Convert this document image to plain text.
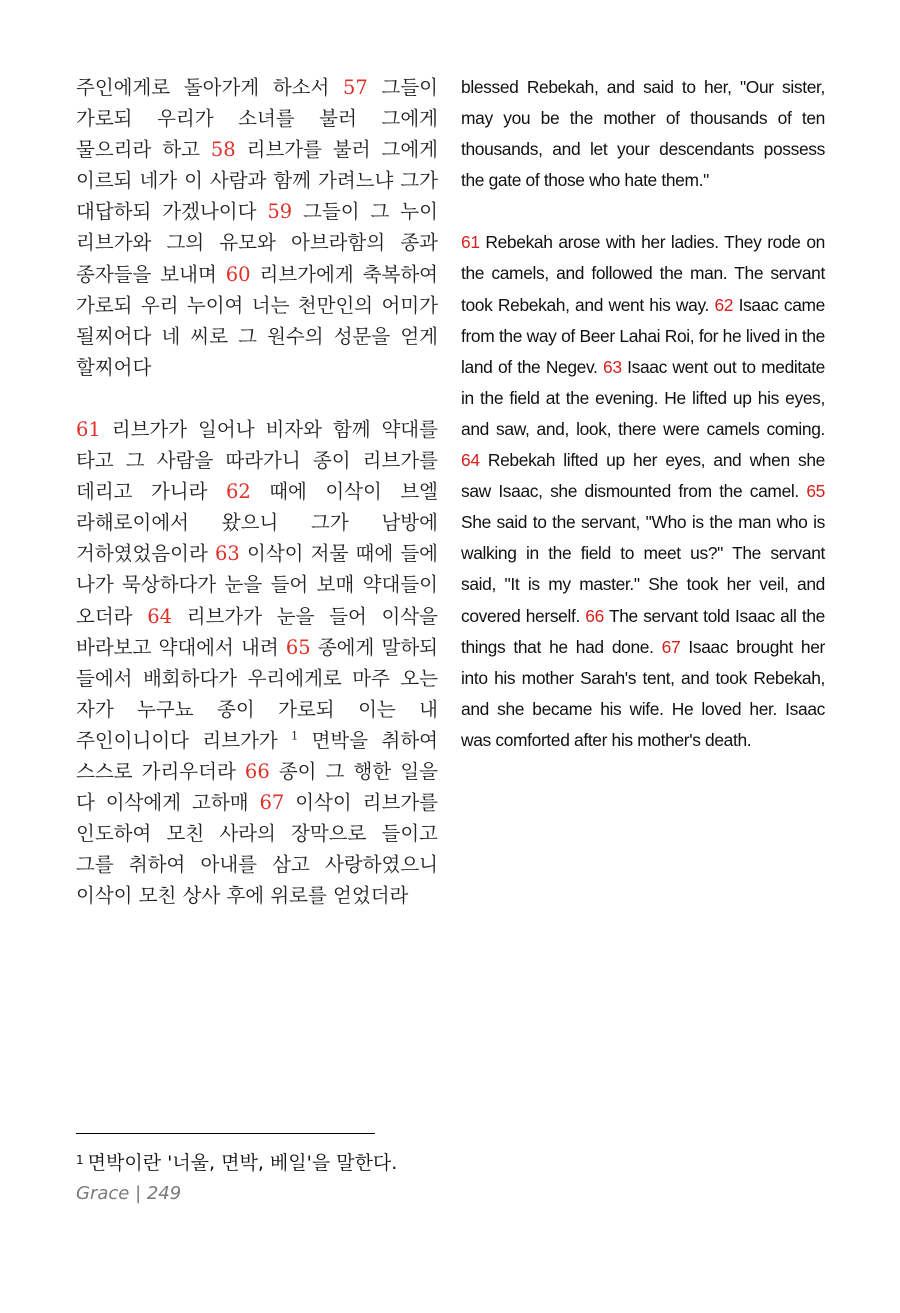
주인에게로 돌아가게 하소서 57 그들이 가로되 우리가 소녀를 불러 그에게 물으리라 하고 58 리브가를 불러 그에게 이르되 네가 이 사람과 함께 가려느냐 그가 대답하되 가겠나이다 59 그들이 그 누이 리브가와 그의 유모와 아브라함의 종과 종자들을 보내며 60 리브가에게 축복하여 가로되 우리 누이여 너는 천만인의 어미가 될찌어다 네 씨로 그 원수의 성문을 얻게 할찌어다

61 리브가가 일어나 비자와 함께 약대를 타고 그 사람을 따라가니 종이 리브가를 데리고 가니라 62 때에 이삭이 브엘 라해로이에서 왔으니 그가 남방에 거하였었음이라 63 이삭이 저물 때에 들에 나가 묵상하다가 눈을 들어 보매 약대들이 오더라 64 리브가가 눈을 들어 이삭을 바라보고 약대에서 내려 65 종에게 말하되 들에서 배회하다가 우리에게로 마주 오는 자가 누구뇨 종이 가로되 이는 내 주인이니이다 리브가가 $^1$ 면박을 취하여 스스로 가리우더라 66 종이 그 행한 일을 다 이삭에게 고하매 67 이삭이 리브가를 인도하여 모친 사라의 장막으로 들이고 그를 취하여 아내를 삼고 사랑하였으니 이삭이 모친 상사 후에 위로를 얻었더라

blessed Rebekah, and said to her, "Our sister, may you be the mother of thousands of ten thousands, and let your descendants possess the gate of those who hate them."

61 Rebekah arose with her ladies. They rode on the camels, and followed the man. The servant took Rebekah, and went his way. 62 Isaac came from the way of Beer Lahai Roi, for he lived in the land of the Negev. 63 Isaac went out to meditate in the field at the evening. He lifted up his eyes, and saw, and, look, there were camels coming. 64 Rebekah lifted up her eyes, and when she saw Isaac, she dismounted from the camel. 65 She said to the servant, "Who is the man who is walking in the field to meet us?" The servant said, "It is my master." She took her veil, and covered herself. 66 The servant told Isaac all the things that he had done. 67 Isaac brought her into his mother Sarah's tent, and took Rebekah, and she became his wife. He loved her. Isaac was comforted after his mother's death.

$^1$ 면박이란 '너울, 면박, 베일'을 말한다.
Grace | 249
